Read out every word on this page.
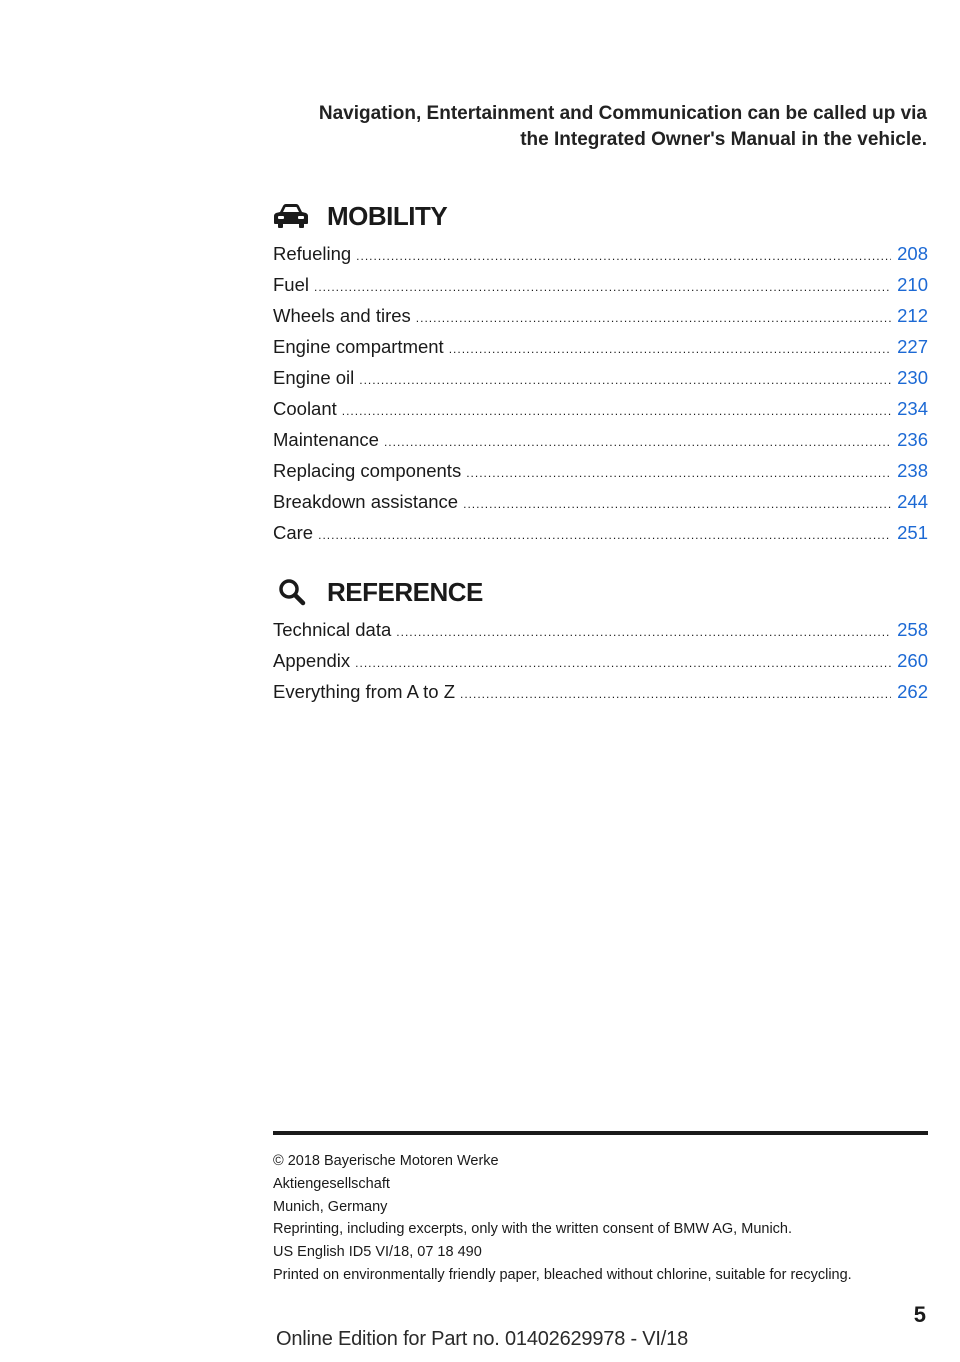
Navigation, Entertainment and Communication can be called up via
the Integrated Owner's Manual in the vehicle.
MOBILITY
Refueling .....	208
Fuel .....	210
Wheels and tires .....	212
Engine compartment .....	227
Engine oil .....	230
Coolant .....	234
Maintenance .....	236
Replacing components .....	238
Breakdown assistance .....	244
Care .....	251
REFERENCE
Technical data .....	258
Appendix .....	260
Everything from A to Z .....	262
© 2018 Bayerische Motoren Werke
Aktiengesellschaft
Munich, Germany
Reprinting, including excerpts, only with the written consent of BMW AG, Munich.
US English ID5 VI/18, 07 18 490
Printed on environmentally friendly paper, bleached without chlorine, suitable for recycling.
5
Online Edition for Part no. 01402629978 - VI/18
